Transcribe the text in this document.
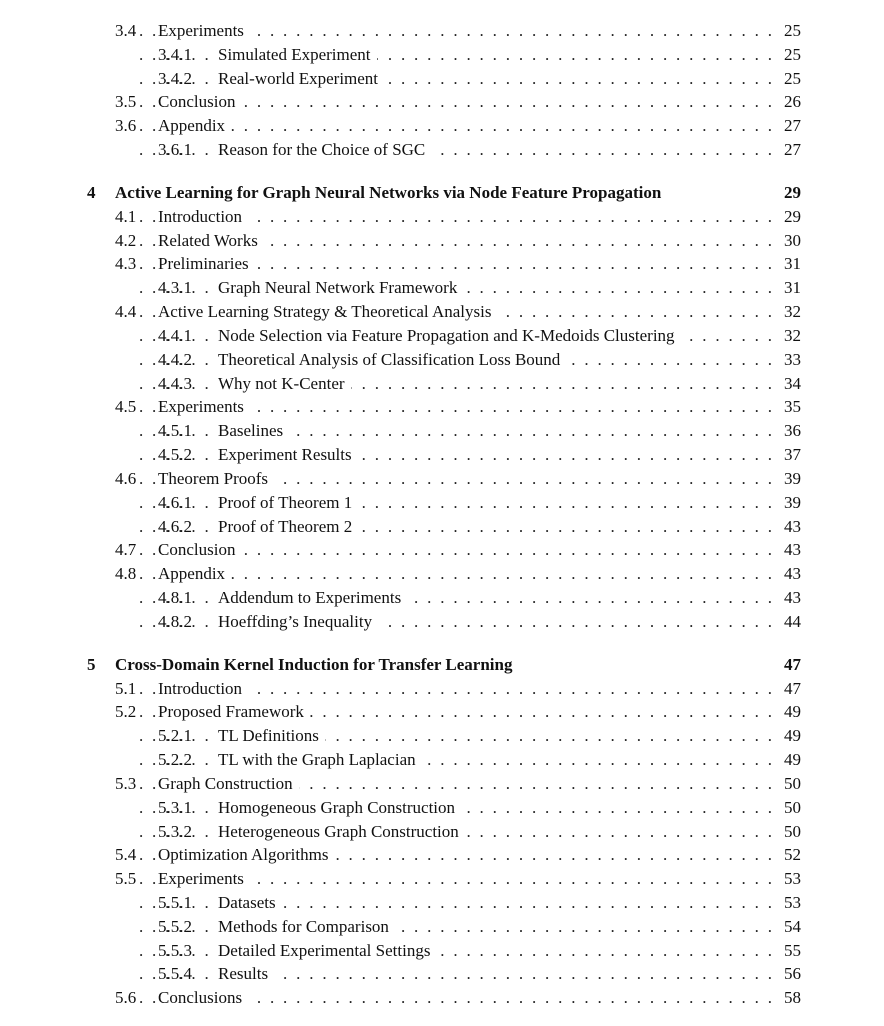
3.4 Experiments . . .	25
3.4.1 Simulated Experiment . . .	25
3.4.2 Real-world Experiment . . .	25
3.5 Conclusion . . .	26
3.6 Appendix . . .	27
3.6.1 Reason for the Choice of SGC . . .	27
4 Active Learning for Graph Neural Networks via Node Feature Propagation	29
4.1 Introduction . . .	29
4.2 Related Works . . .	30
4.3 Preliminaries . . .	31
4.3.1 Graph Neural Network Framework . . .	31
4.4 Active Learning Strategy & Theoretical Analysis . . .	32
4.4.1 Node Selection via Feature Propagation and K-Medoids Clustering . . .	32
4.4.2 Theoretical Analysis of Classification Loss Bound . . .	33
4.4.3 Why not K-Center . . .	34
4.5 Experiments . . .	35
4.5.1 Baselines . . .	36
4.5.2 Experiment Results . . .	37
4.6 Theorem Proofs . . .	39
4.6.1 Proof of Theorem 1 . . .	39
4.6.2 Proof of Theorem 2 . . .	43
4.7 Conclusion . . .	43
4.8 Appendix . . .	43
4.8.1 Addendum to Experiments . . .	43
4.8.2 Hoeffding’s Inequality . . .	44
5 Cross-Domain Kernel Induction for Transfer Learning	47
5.1 Introduction . . .	47
5.2 Proposed Framework . . .	49
5.2.1 TL Definitions . . .	49
5.2.2 TL with the Graph Laplacian . . .	49
5.3 Graph Construction . . .	50
5.3.1 Homogeneous Graph Construction . . .	50
5.3.2 Heterogeneous Graph Construction . . .	50
5.4 Optimization Algorithms . . .	52
5.5 Experiments . . .	53
5.5.1 Datasets . . .	53
5.5.2 Methods for Comparison . . .	54
5.5.3 Detailed Experimental Settings . . .	55
5.5.4 Results . . .	56
5.6 Conclusions . . .	58
